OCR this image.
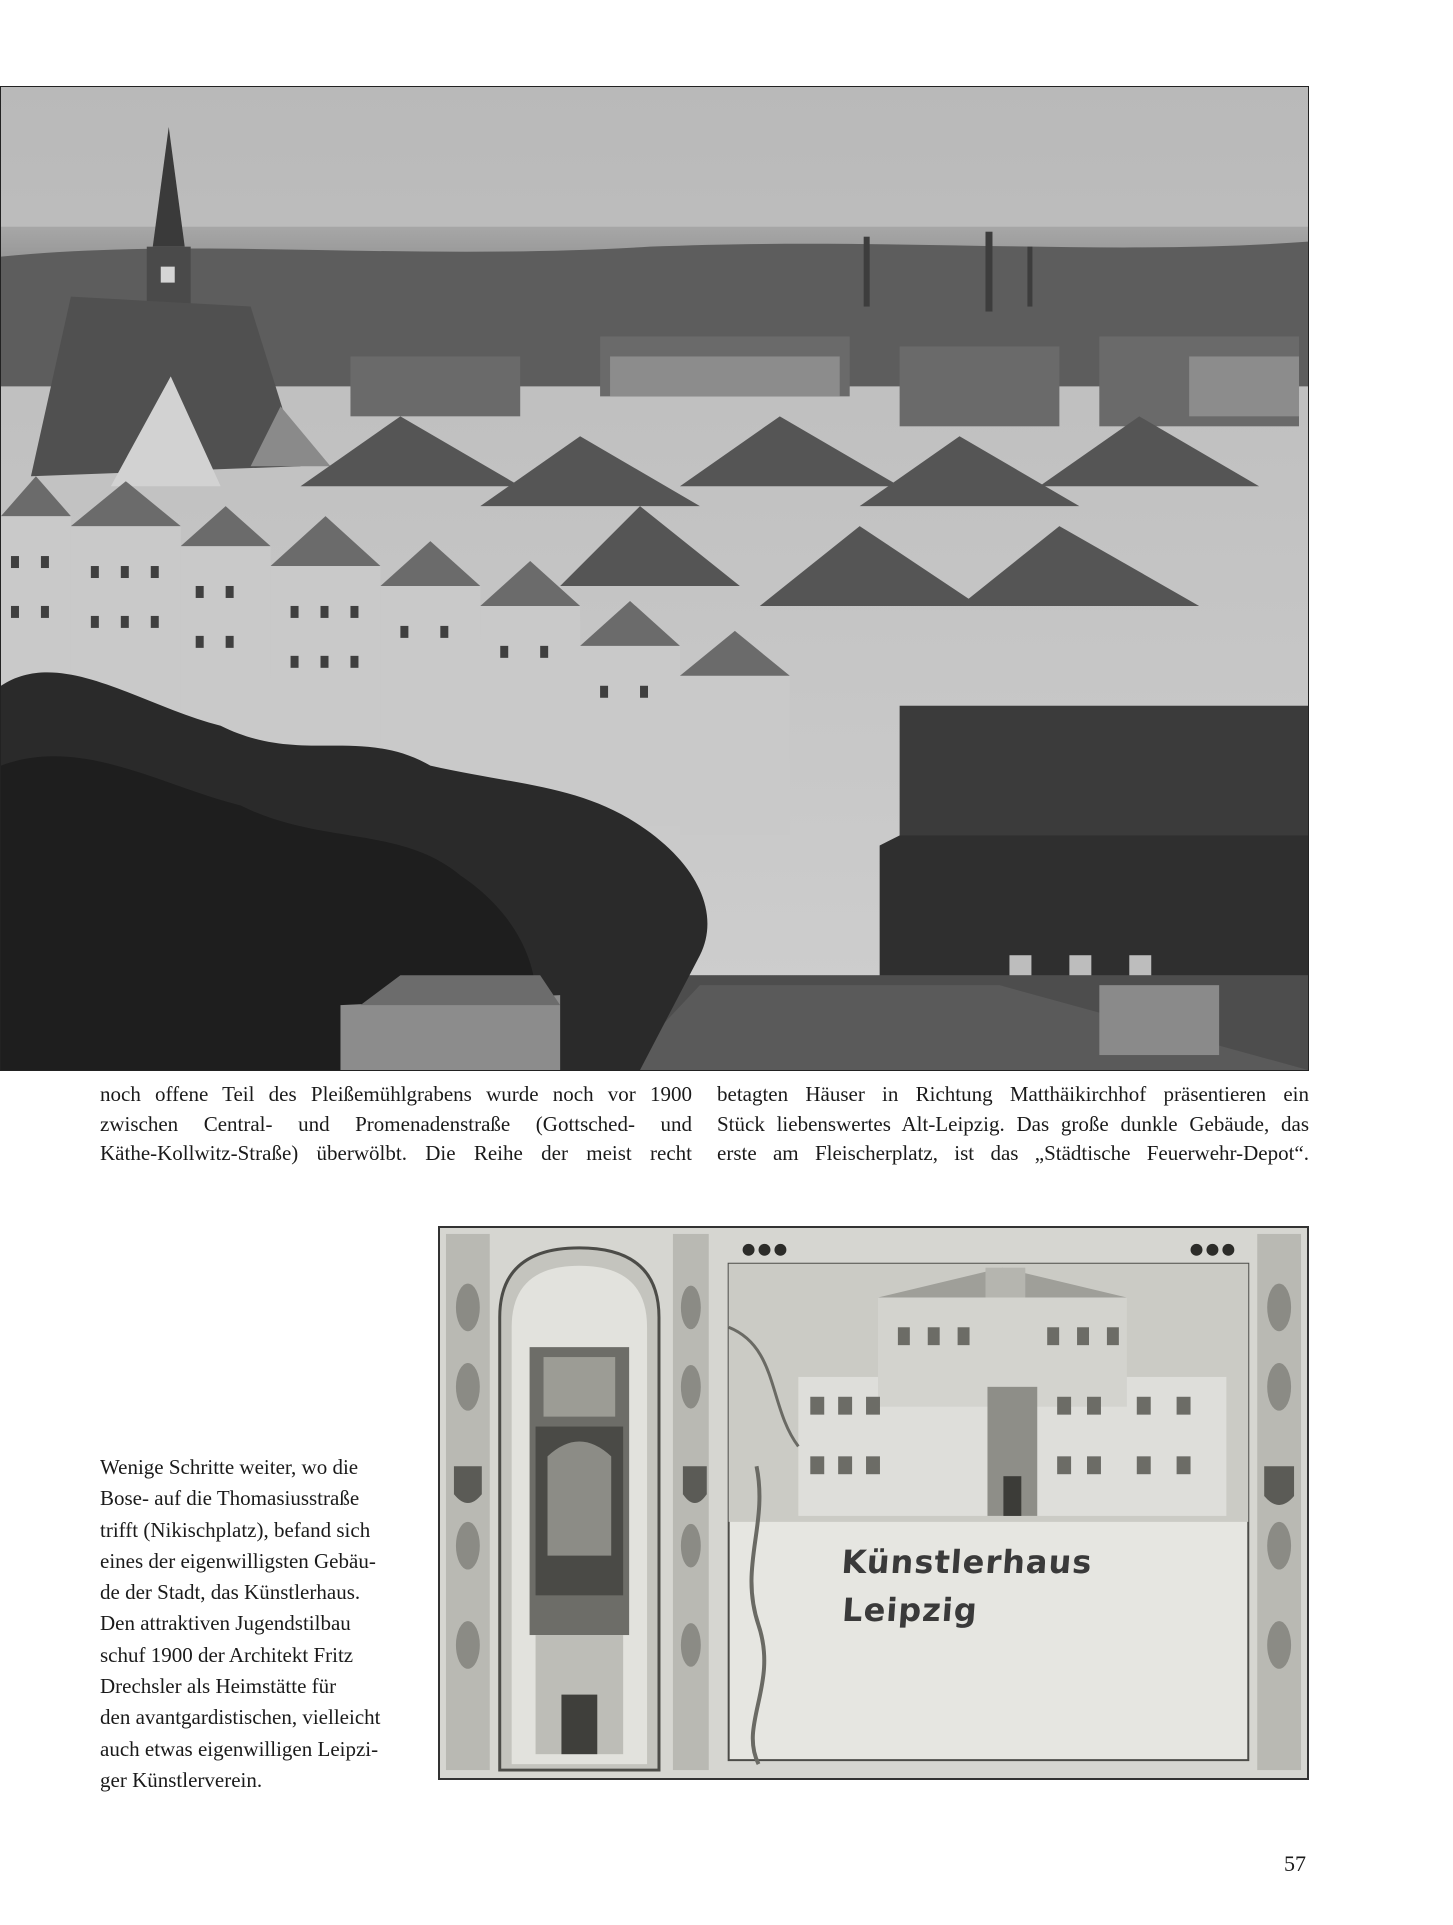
noch offene Teil des Pleißemühlgrabens wurde noch vor 1900
zwischen Central- und Promenadenstraße (Gottsched- und
Käthe-Kollwitz-Straße) überwölbt. Die Reihe der meist recht

betagten Häuser in Richtung Matthäikirchhof präsentieren ein
Stück liebenswertes Alt-Leipzig. Das große dunkle Gebäude, das
erste am Fleischerplatz, ist das „Städtische Feuerwehr-Depot“.

Wenige Schritte weiter, wo die
Bose- auf die Thomasiusstraße
trifft (Nikischplatz), befand sich
eines der eigenwilligsten Gebäu-
de der Stadt, das Künstlerhaus.
Den attraktiven Jugendstilbau
schuf 1900 der Architekt Fritz
Drechsler als Heimstätte für
den avantgardistischen, vielleicht
auch etwas eigenwilligen Leipzi-
ger Künstlerverein.

Künstlerhaus
Leipzig
57
